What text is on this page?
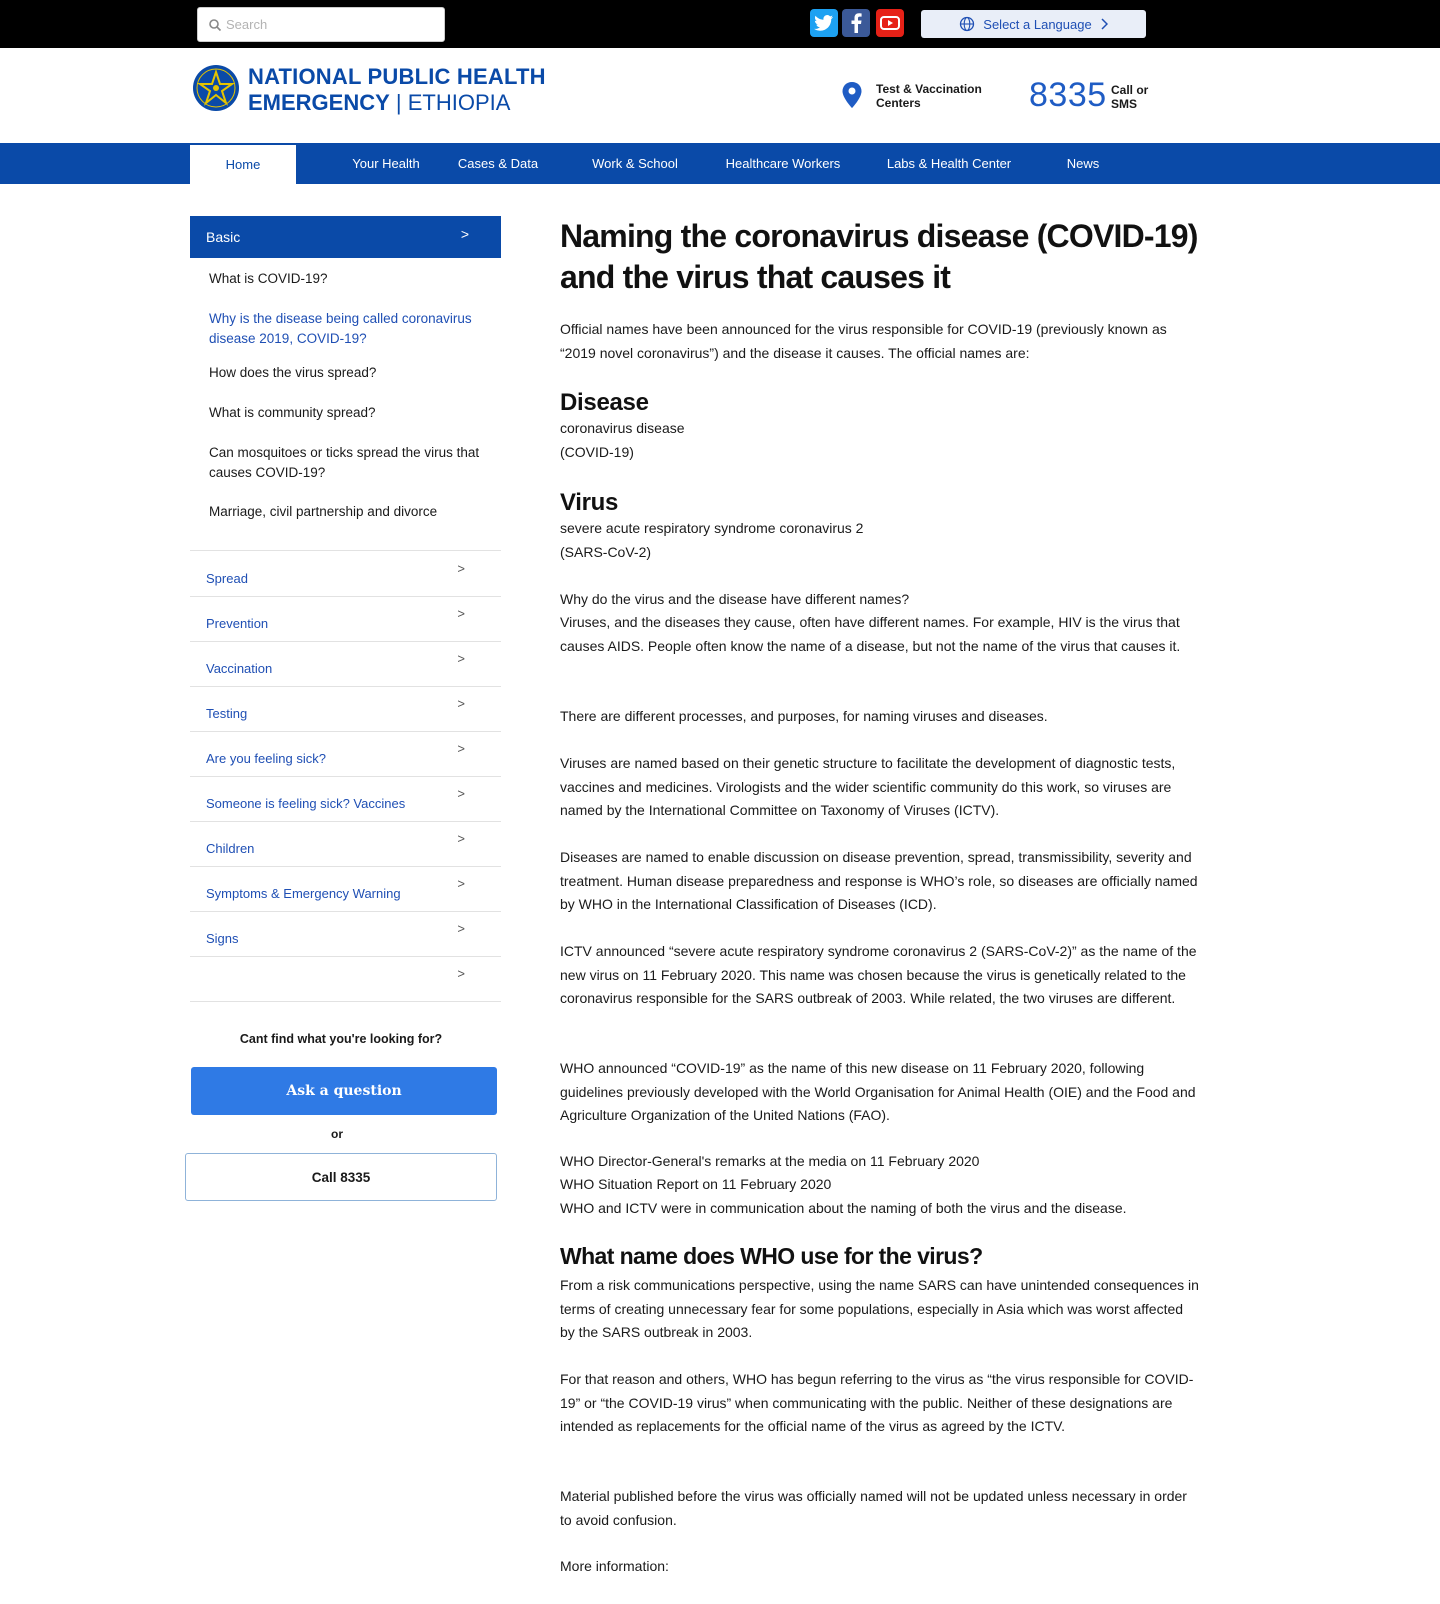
Search
Select a Language
NATIONAL PUBLIC HEALTH
EMERGENCY | ETHIOPIA
Test & Vaccination
Centers	8335 Call or
SMS
Home	Your Health	Cases & Data	Work & School	Healthcare Workers	Labs & Health Center	News
Basic	>
What is COVID-19?
Why is the disease being called coronavirus disease 2019, COVID-19?
How does the virus spread?
What is community spread?
Can mosquitoes or ticks spread the virus that causes COVID-19?
Marriage, civil partnership and divorce
Spread
>
Prevention
>
Vaccination
>
Testing
>
Are you feeling sick?
>
Someone is feeling sick? Vaccines
>
Children
>
Symptoms & Emergency Warning
>
Signs
>
>
Cant find what you're looking for?
Ask a question
or
Call 8335
Naming the coronavirus disease (COVID-19) and the virus that causes it

Official names have been announced for the virus responsible for COVID-19 (previously known as “2019 novel coronavirus”) and the disease it causes. The official names are:

Disease

coronavirus disease

(COVID-19)

Virus

severe acute respiratory syndrome coronavirus 2

(SARS-CoV-2)

Why do the virus and the disease have different names?

Viruses, and the diseases they cause, often have different names. For example, HIV is the virus that causes AIDS. People often know the name of a disease, but not the name of the virus that causes it.

There are different processes, and purposes, for naming viruses and diseases.

Viruses are named based on their genetic structure to facilitate the development of diagnostic tests, vaccines and medicines. Virologists and the wider scientific community do this work, so viruses are named by the International Committee on Taxonomy of Viruses (ICTV).

Diseases are named to enable discussion on disease prevention, spread, transmissibility, severity and treatment. Human disease preparedness and response is WHO’s role, so diseases are officially named by WHO in the International Classification of Diseases (ICD).

ICTV announced “severe acute respiratory syndrome coronavirus 2 (SARS-CoV-2)” as the name of the new virus on 11 February 2020. This name was chosen because the virus is genetically related to the coronavirus responsible for the SARS outbreak of 2003. While related, the two viruses are different.

WHO announced “COVID-19” as the name of this new disease on 11 February 2020, following guidelines previously developed with the World Organisation for Animal Health (OIE) and the Food and Agriculture Organization of the United Nations (FAO).

WHO Director-General's remarks at the media on 11 February 2020

WHO Situation Report on 11 February 2020

WHO and ICTV were in communication about the naming of both the virus and the disease.

What name does WHO use for the virus?

From a risk communications perspective, using the name SARS can have unintended consequences in terms of creating unnecessary fear for some populations, especially in Asia which was worst affected by the SARS outbreak in 2003.

For that reason and others, WHO has begun referring to the virus as “the virus responsible for COVID-19” or “the COVID-19 virus” when communicating with the public. Neither of these designations are intended as replacements for the official name of the virus as agreed by the ICTV.

Material published before the virus was officially named will not be updated unless necessary in order to avoid confusion.

More information:
